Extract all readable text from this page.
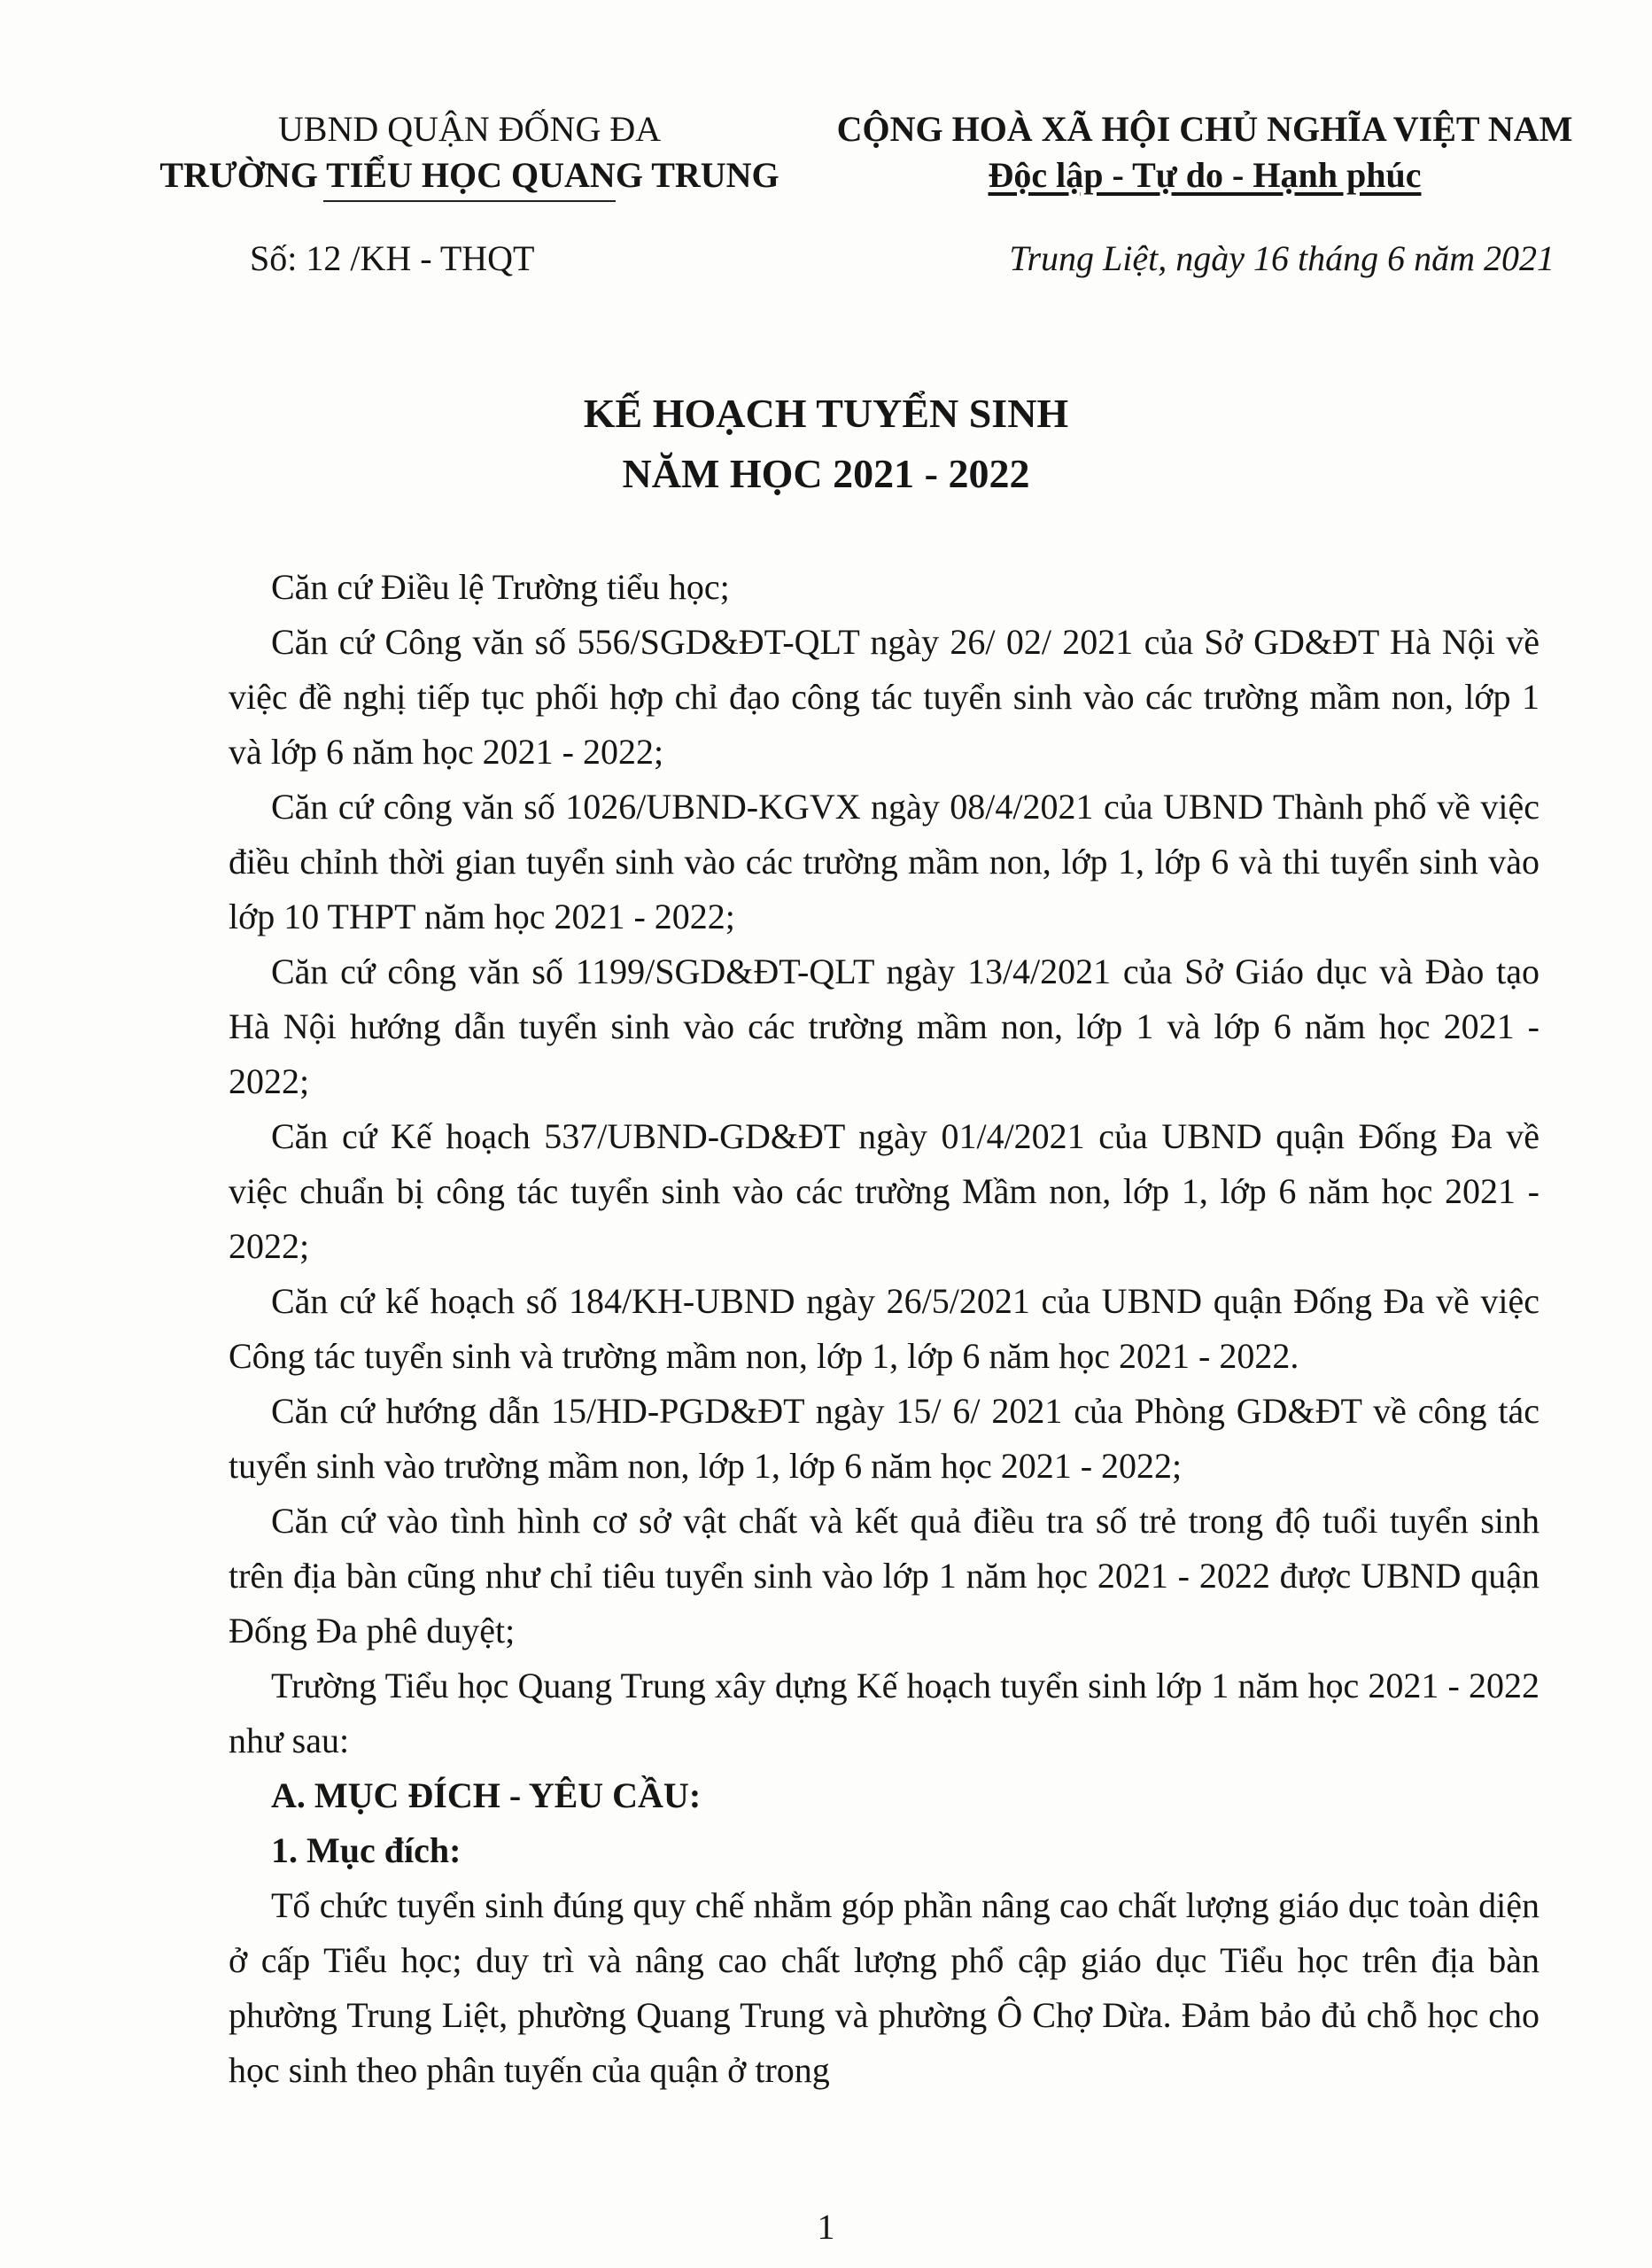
UBND QUẬN ĐỐNG ĐA
TRƯỜNG TIỂU HỌC QUANG TRUNG
CỘNG HOÀ XÃ HỘI CHỦ NGHĨA VIỆT NAM
Độc lập - Tự do - Hạnh phúc
Số: 12 /KH - THQT	Trung Liệt, ngày 16 tháng 6 năm 2021
KẾ HOẠCH TUYỂN SINH
NĂM HỌC 2021 - 2022

Căn cứ Điều lệ Trường tiểu học;

Căn cứ Công văn số 556/SGD&ĐT-QLT ngày 26/ 02/ 2021 của Sở GD&ĐT Hà Nội về việc đề nghị tiếp tục phối hợp chỉ đạo công tác tuyển sinh vào các trường mầm non, lớp 1 và lớp 6 năm học 2021 - 2022;

Căn cứ công văn số 1026/UBND-KGVX ngày 08/4/2021 của UBND Thành phố về việc điều chỉnh thời gian tuyển sinh vào các trường mầm non, lớp 1, lớp 6 và thi tuyển sinh vào lớp 10 THPT năm học 2021 - 2022;

Căn cứ công văn số 1199/SGD&ĐT-QLT ngày 13/4/2021 của Sở Giáo dục và Đào tạo Hà Nội hướng dẫn tuyển sinh vào các trường mầm non, lớp 1 và lớp 6 năm học 2021 - 2022;

Căn cứ Kế hoạch 537/UBND-GD&ĐT ngày 01/4/2021 của UBND quận Đống Đa về việc chuẩn bị công tác tuyển sinh vào các trường Mầm non, lớp 1, lớp 6 năm học 2021 - 2022;

Căn cứ kế hoạch số 184/KH-UBND ngày 26/5/2021 của UBND quận Đống Đa về việc Công tác tuyển sinh và trường mầm non, lớp 1, lớp 6 năm học 2021 - 2022.

Căn cứ hướng dẫn 15/HD-PGD&ĐT ngày 15/ 6/ 2021 của Phòng GD&ĐT về công tác tuyển sinh vào trường mầm non, lớp 1, lớp 6 năm học 2021 - 2022;

Căn cứ vào tình hình cơ sở vật chất và kết quả điều tra số trẻ trong độ tuổi tuyển sinh trên địa bàn cũng như chỉ tiêu tuyển sinh vào lớp 1 năm học 2021 - 2022 được UBND quận Đống Đa phê duyệt;

Trường Tiểu học Quang Trung xây dựng Kế hoạch tuyển sinh lớp 1 năm học 2021 - 2022 như sau:

A. MỤC ĐÍCH - YÊU CẦU:
1. Mục đích:

Tổ chức tuyển sinh đúng quy chế nhằm góp phần nâng cao chất lượng giáo dục toàn diện ở cấp Tiểu học; duy trì và nâng cao chất lượng phổ cập giáo dục Tiểu học trên địa bàn phường Trung Liệt, phường Quang Trung và phường Ô Chợ Dừa. Đảm bảo đủ chỗ học cho học sinh theo phân tuyến của quận ở trong

1
